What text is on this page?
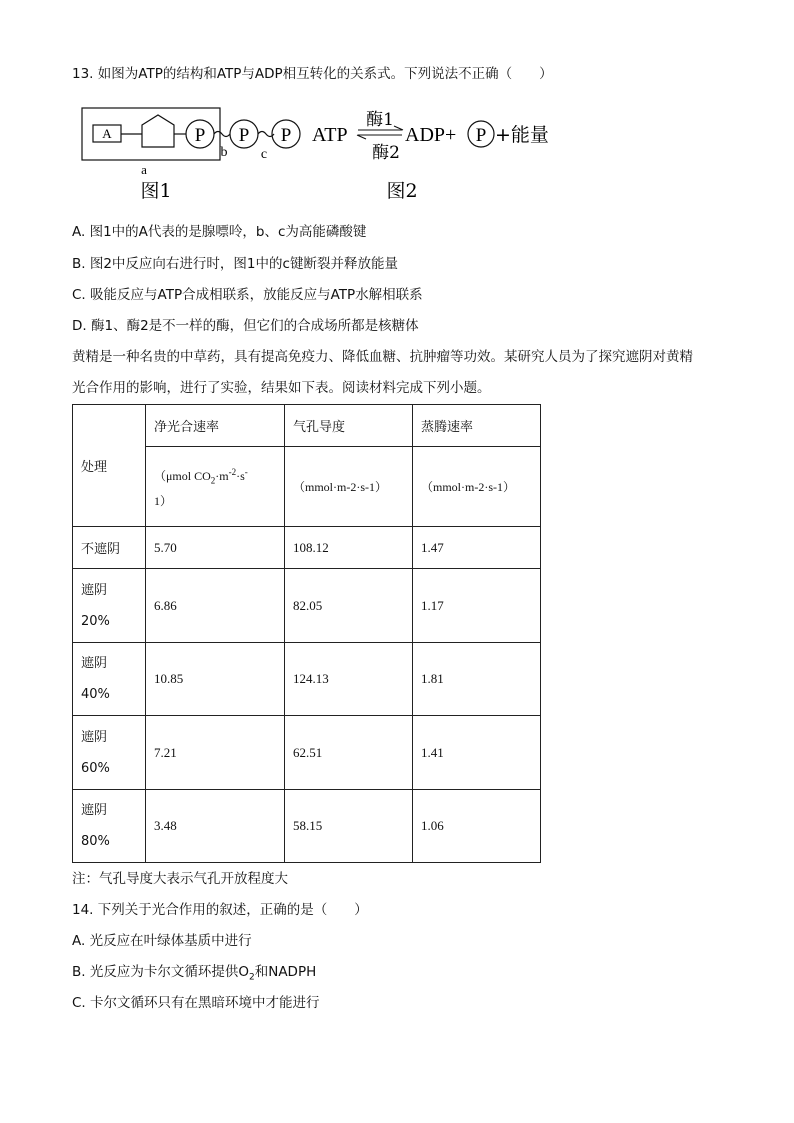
13. 如图为ATP的结构和ATP与ADP相互转化的关系式。下列说法不正确（　　）
A	P P P
b c
a
图1
ATP
酶1
酶2
ADP+ P +能量
图2
A. 图1中的A代表的是腺嘌呤，b、c为高能磷酸键
B. 图2中反应向右进行时，图1中的c键断裂并释放能量
C. 吸能反应与ATP合成相联系，放能反应与ATP水解相联系
D. 酶1、酶2是不一样的酶，但它们的合成场所都是核糖体
黄精是一种名贵的中草药，具有提高免疫力、降低血糖、抗肿瘤等功效。某研究人员为了探究遮阴对黄精
光合作用的影响，进行了实验，结果如下表。阅读材料完成下列小题。
处理	净光合速率	气孔导度	蒸腾速率

	（μmol $CO_2\cdot m^{-2}\cdot s^-$
1）	（mmol·m-2·s-1）	（mmol·m-2·s-1）
不遮阴	5.70	108.12	1.47

遮阴
20%	6.86	82.05	1.17

遮阴
40%	10.85	124.13	1.81

遮阴
60%	7.21	62.51	1.41

遮阴
80%	3.48	58.15	1.06
注：气孔导度大表示气孔开放程度大
14. 下列关于光合作用的叙述，正确的是（　　）
A. 光反应在叶绿体基质中进行
B. 光反应为卡尔文循环提供$O_2$和NADPH
C. 卡尔文循环只有在黑暗环境中才能进行
